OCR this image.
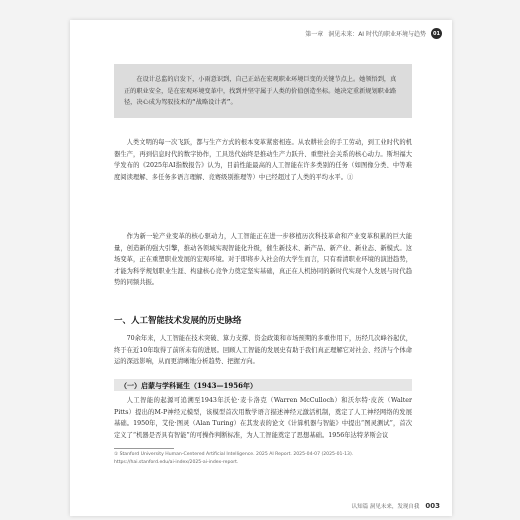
第一章 洞见未来：AI 时代的职业环境与趋势	01

在设计总监的启发下，小雨意识到，自己正站在宏观职业环境巨变的关键节点上。她领悟到，真正的职业安全，是在宏观环境变革中，找到并坚守属于人类的价值创造坐标。她决定重新规划职业路径，决心成为驾驭技术的“战略设计者”。

人类文明的每一次飞跃，都与生产方式的根本变革紧密相连。从农耕社会的手工劳动，到工业时代的机器生产，再到信息时代的数字协作，工具迭代始终是推动生产力跃升、重塑社会关系的核心动力。斯坦福大学发布的《2025年AI指数报告》认为，目前性能最高的人工智能在许多类别的任务（如图像分类、中等难度阅读理解、多任务多语言理解、竞赛级别推理等）中已经超过了人类的平均水平。①

作为新一轮产业变革的核心驱动力，人工智能正在进一步移植历次科技革命和产业变革积累的巨大能量，创造新的强大引擎，推动各领域实现智能化升级，催生新技术、新产品、新产业、新业态、新模式。这场变革，正在重塑职业发展的宏观环境。对于即将步入社会的大学生而言，只有看清职业环境的演进趋势，才能为科学规划职业生涯、构建核心竞争力奠定坚实基础，真正在人机协同的新时代实现个人发展与时代趋势的同频共振。

一、人工智能技术发展的历史脉络

70余年来，人工智能在技术突破、算力支撑、资金政策和市场预期的多重作用下，历经几次峰谷起伏，终于在近10年取得了前所未有的进展。回顾人工智能的发展史有助于我们真正理解它对社会、经济与个体命运的深远影响，从而更清晰地分析趋势、把握方向。

（一）启蒙与学科诞生（1943—1956年）

人工智能的起源可追溯至1943年沃伦·麦卡洛克（Warren McCulloch）和沃尔特·皮茨（Walter Pitts）提出的M-P神经元模型，该模型首次用数学语言描述神经元激活机制，奠定了人工神经网络的发展基础。1950年，艾伦·图灵（Alan Turing）在其发表的论文《计算机器与智能》中提出“图灵测试”，首次定义了“机器是否具有智能”的可操作判断标准，为人工智能奠定了思想基础。1956年达特茅斯会议

① Stanford University Human-Centered Artificial Intelligence. 2025 AI Report. 2025-04-07 (2025-01-13). https://hai.stanford.edu/ai-index/2025-ai-index-report.
认知篇 洞见未来，发现自我 003
